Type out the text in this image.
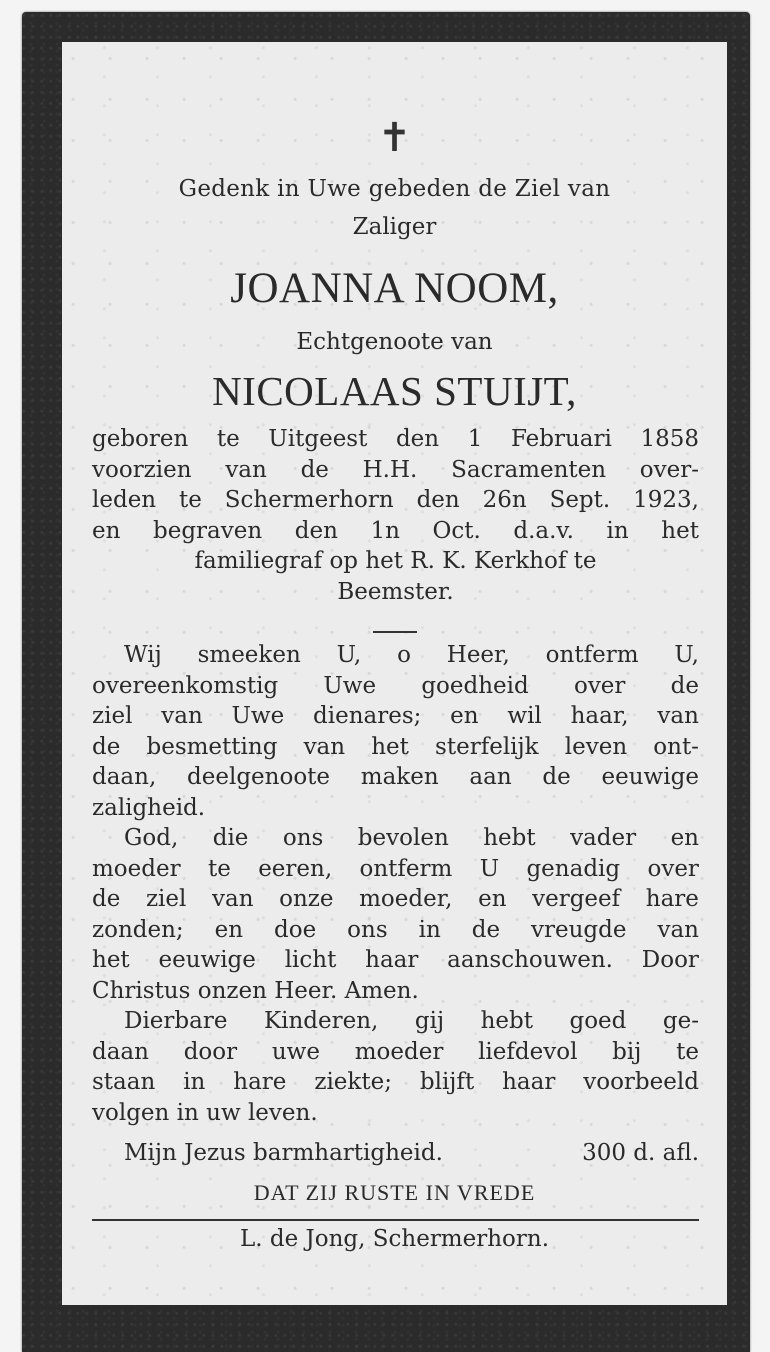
✝
Gedenk in Uwe gebeden de Ziel van
Zaliger
JOANNA NOOM,
Echtgenoote van
NICOLAAS STUIJT,
geboren te Uitgeest den 1 Februari 1858
voorzien van de H.H. Sacramenten over-
leden te Schermerhorn den 26n Sept. 1923,
en begraven den 1n Oct. d.a.v. in het
familiegraf op het R. K. Kerkhof te
Beemster.
Wij smeeken U, o Heer, ontferm U,
overeenkomstig Uwe goedheid over de
ziel van Uwe dienares; en wil haar, van
de besmetting van het sterfelijk leven ont-
daan, deelgenoote maken aan de eeuwige
zaligheid.
God, die ons bevolen hebt vader en
moeder te eeren, ontferm U genadig over
de ziel van onze moeder, en vergeef hare
zonden; en doe ons in de vreugde van
het eeuwige licht haar aanschouwen. Door
Christus onzen Heer. Amen.
Dierbare Kinderen, gij hebt goed ge-
daan door uwe moeder liefdevol bij te
staan in hare ziekte; blijft haar voorbeeld
volgen in uw leven.
Mijn Jezus barmhartigheid.	300 d. afl.
DAT ZIJ RUSTE IN VREDE
L. de Jong, Schermerhorn.
